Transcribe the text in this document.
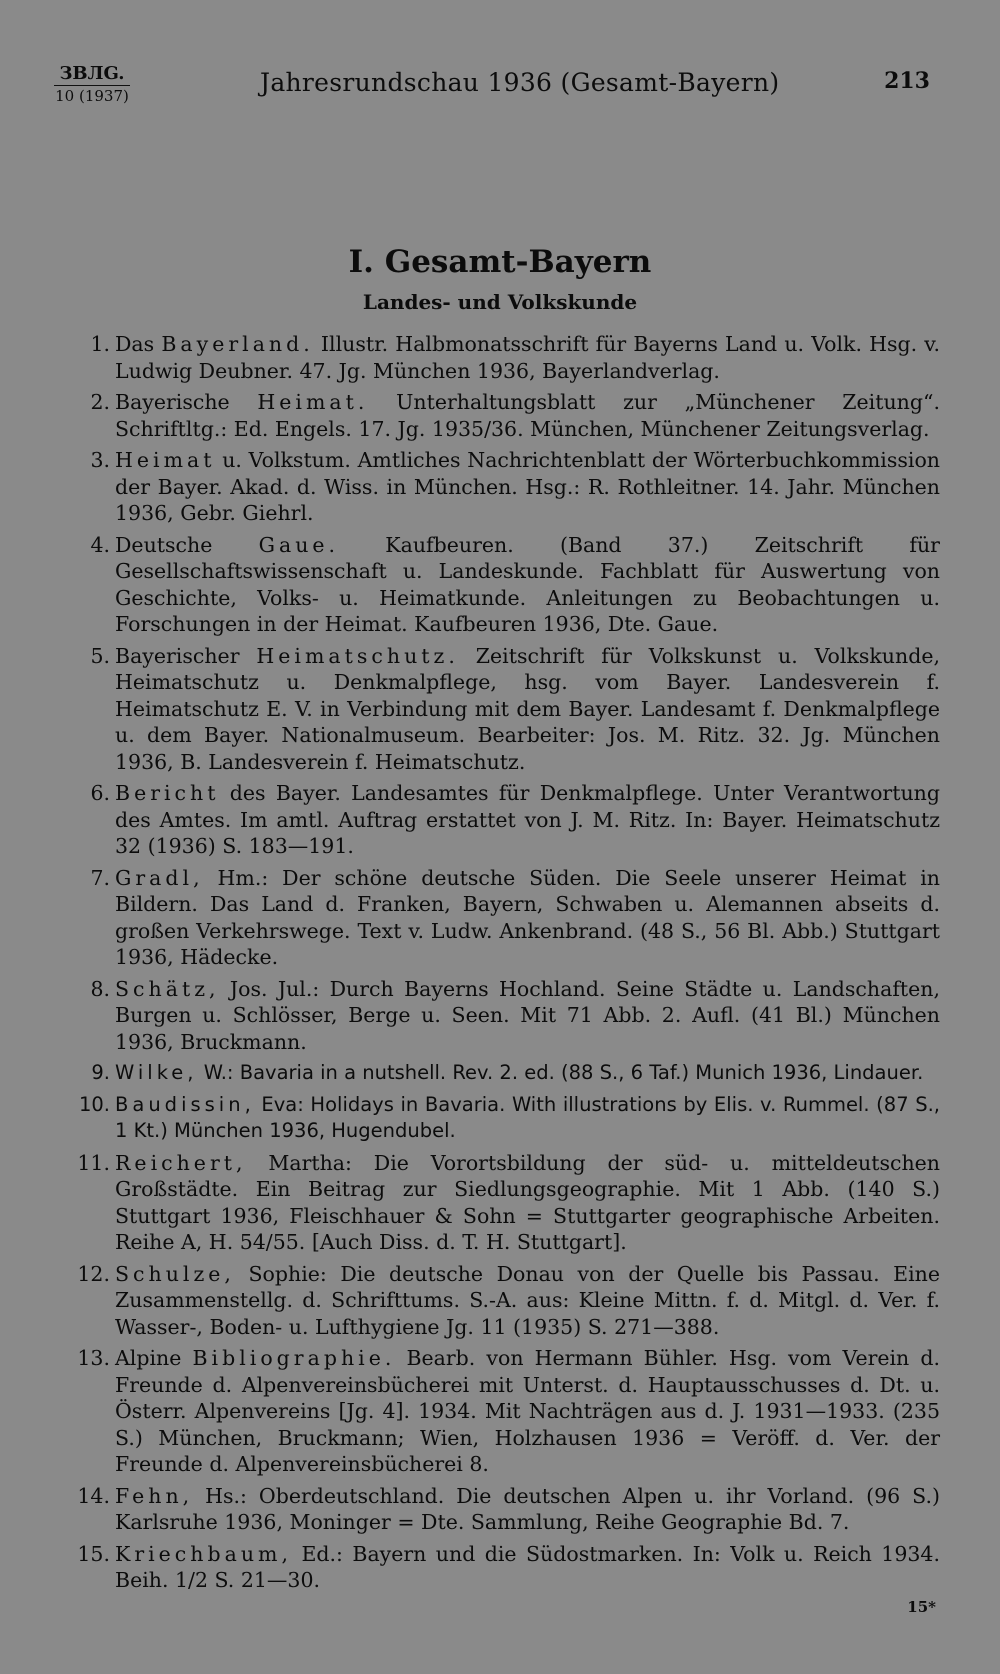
ЗВЛG.
10 (1937)	Jahresrundschau 1936 (Gesamt-Bayern)	213
I. Gesamt-Bayern
Landes- und Volkskunde
1. Das Bayerland. Illustr. Halbmonatsschrift für Bayerns Land u. Volk. Hsg. v. Ludwig Deubner. 47. Jg. München 1936, Bayerlandverlag.
2. Bayerische Heimat. Unterhaltungsblatt zur „Münchener Zeitung“. Schriftltg.: Ed. Engels. 17. Jg. 1935/36. München, Münchener Zeitungsverlag.
3. Heimat u. Volkstum. Amtliches Nachrichtenblatt der Wörterbuchkommission der Bayer. Akad. d. Wiss. in München. Hsg.: R. Rothleitner. 14. Jahr. München 1936, Gebr. Giehrl.
4. Deutsche Gaue. Kaufbeuren. (Band 37.) Zeitschrift für Gesellschaftswissenschaft u. Landeskunde. Fachblatt für Auswertung von Geschichte, Volks- u. Heimatkunde. Anleitungen zu Beobachtungen u. Forschungen in der Heimat. Kaufbeuren 1936, Dte. Gaue.
5. Bayerischer Heimatschutz. Zeitschrift für Volkskunst u. Volkskunde, Heimatschutz u. Denkmalpflege, hsg. vom Bayer. Landesverein f. Heimatschutz E. V. in Verbindung mit dem Bayer. Landesamt f. Denkmalpflege u. dem Bayer. Nationalmuseum. Bearbeiter: Jos. M. Ritz. 32. Jg. München 1936, B. Landesverein f. Heimatschutz.
6. Bericht des Bayer. Landesamtes für Denkmalpflege. Unter Verantwortung des Amtes. Im amtl. Auftrag erstattet von J. M. Ritz. In: Bayer. Heimatschutz 32 (1936) S. 183—191.
7. Gradl, Hm.: Der schöne deutsche Süden. Die Seele unserer Heimat in Bildern. Das Land d. Franken, Bayern, Schwaben u. Alemannen abseits d. großen Verkehrswege. Text v. Ludw. Ankenbrand. (48 S., 56 Bl. Abb.) Stuttgart 1936, Hädecke.
8. Schätz, Jos. Jul.: Durch Bayerns Hochland. Seine Städte u. Landschaften, Burgen u. Schlösser, Berge u. Seen. Mit 71 Abb. 2. Aufl. (41 Bl.) München 1936, Bruckmann.
9. Wilke, W.: Bavaria in a nutshell. Rev. 2. ed. (88 S., 6 Taf.) Munich 1936, Lindauer.
10. Baudissin, Eva: Holidays in Bavaria. With illustrations by Elis. v. Rummel. (87 S., 1 Kt.) München 1936, Hugendubel.
11. Reichert, Martha: Die Vorortsbildung der süd- u. mitteldeutschen Großstädte. Ein Beitrag zur Siedlungsgeographie. Mit 1 Abb. (140 S.) Stuttgart 1936, Fleischhauer & Sohn = Stuttgarter geographische Arbeiten. Reihe A, H. 54/55. [Auch Diss. d. T. H. Stuttgart].
12. Schulze, Sophie: Die deutsche Donau von der Quelle bis Passau. Eine Zusammenstellg. d. Schrifttums. S.-A. aus: Kleine Mittn. f. d. Mitgl. d. Ver. f. Wasser-, Boden- u. Lufthygiene Jg. 11 (1935) S. 271—388.
13. Alpine Bibliographie. Bearb. von Hermann Bühler. Hsg. vom Verein d. Freunde d. Alpenvereinsbücherei mit Unterst. d. Hauptausschusses d. Dt. u. Österr. Alpenvereins [Jg. 4]. 1934. Mit Nachträgen aus d. J. 1931—1933. (235 S.) München, Bruckmann; Wien, Holzhausen 1936 = Veröff. d. Ver. der Freunde d. Alpenvereinsbücherei 8.
14. Fehn, Hs.: Oberdeutschland. Die deutschen Alpen u. ihr Vorland. (96 S.) Karlsruhe 1936, Moninger = Dte. Sammlung, Reihe Geographie Bd. 7.
15. Kriechbaum, Ed.: Bayern und die Südostmarken. In: Volk u. Reich 1934. Beih. 1/2 S. 21—30.
15*
